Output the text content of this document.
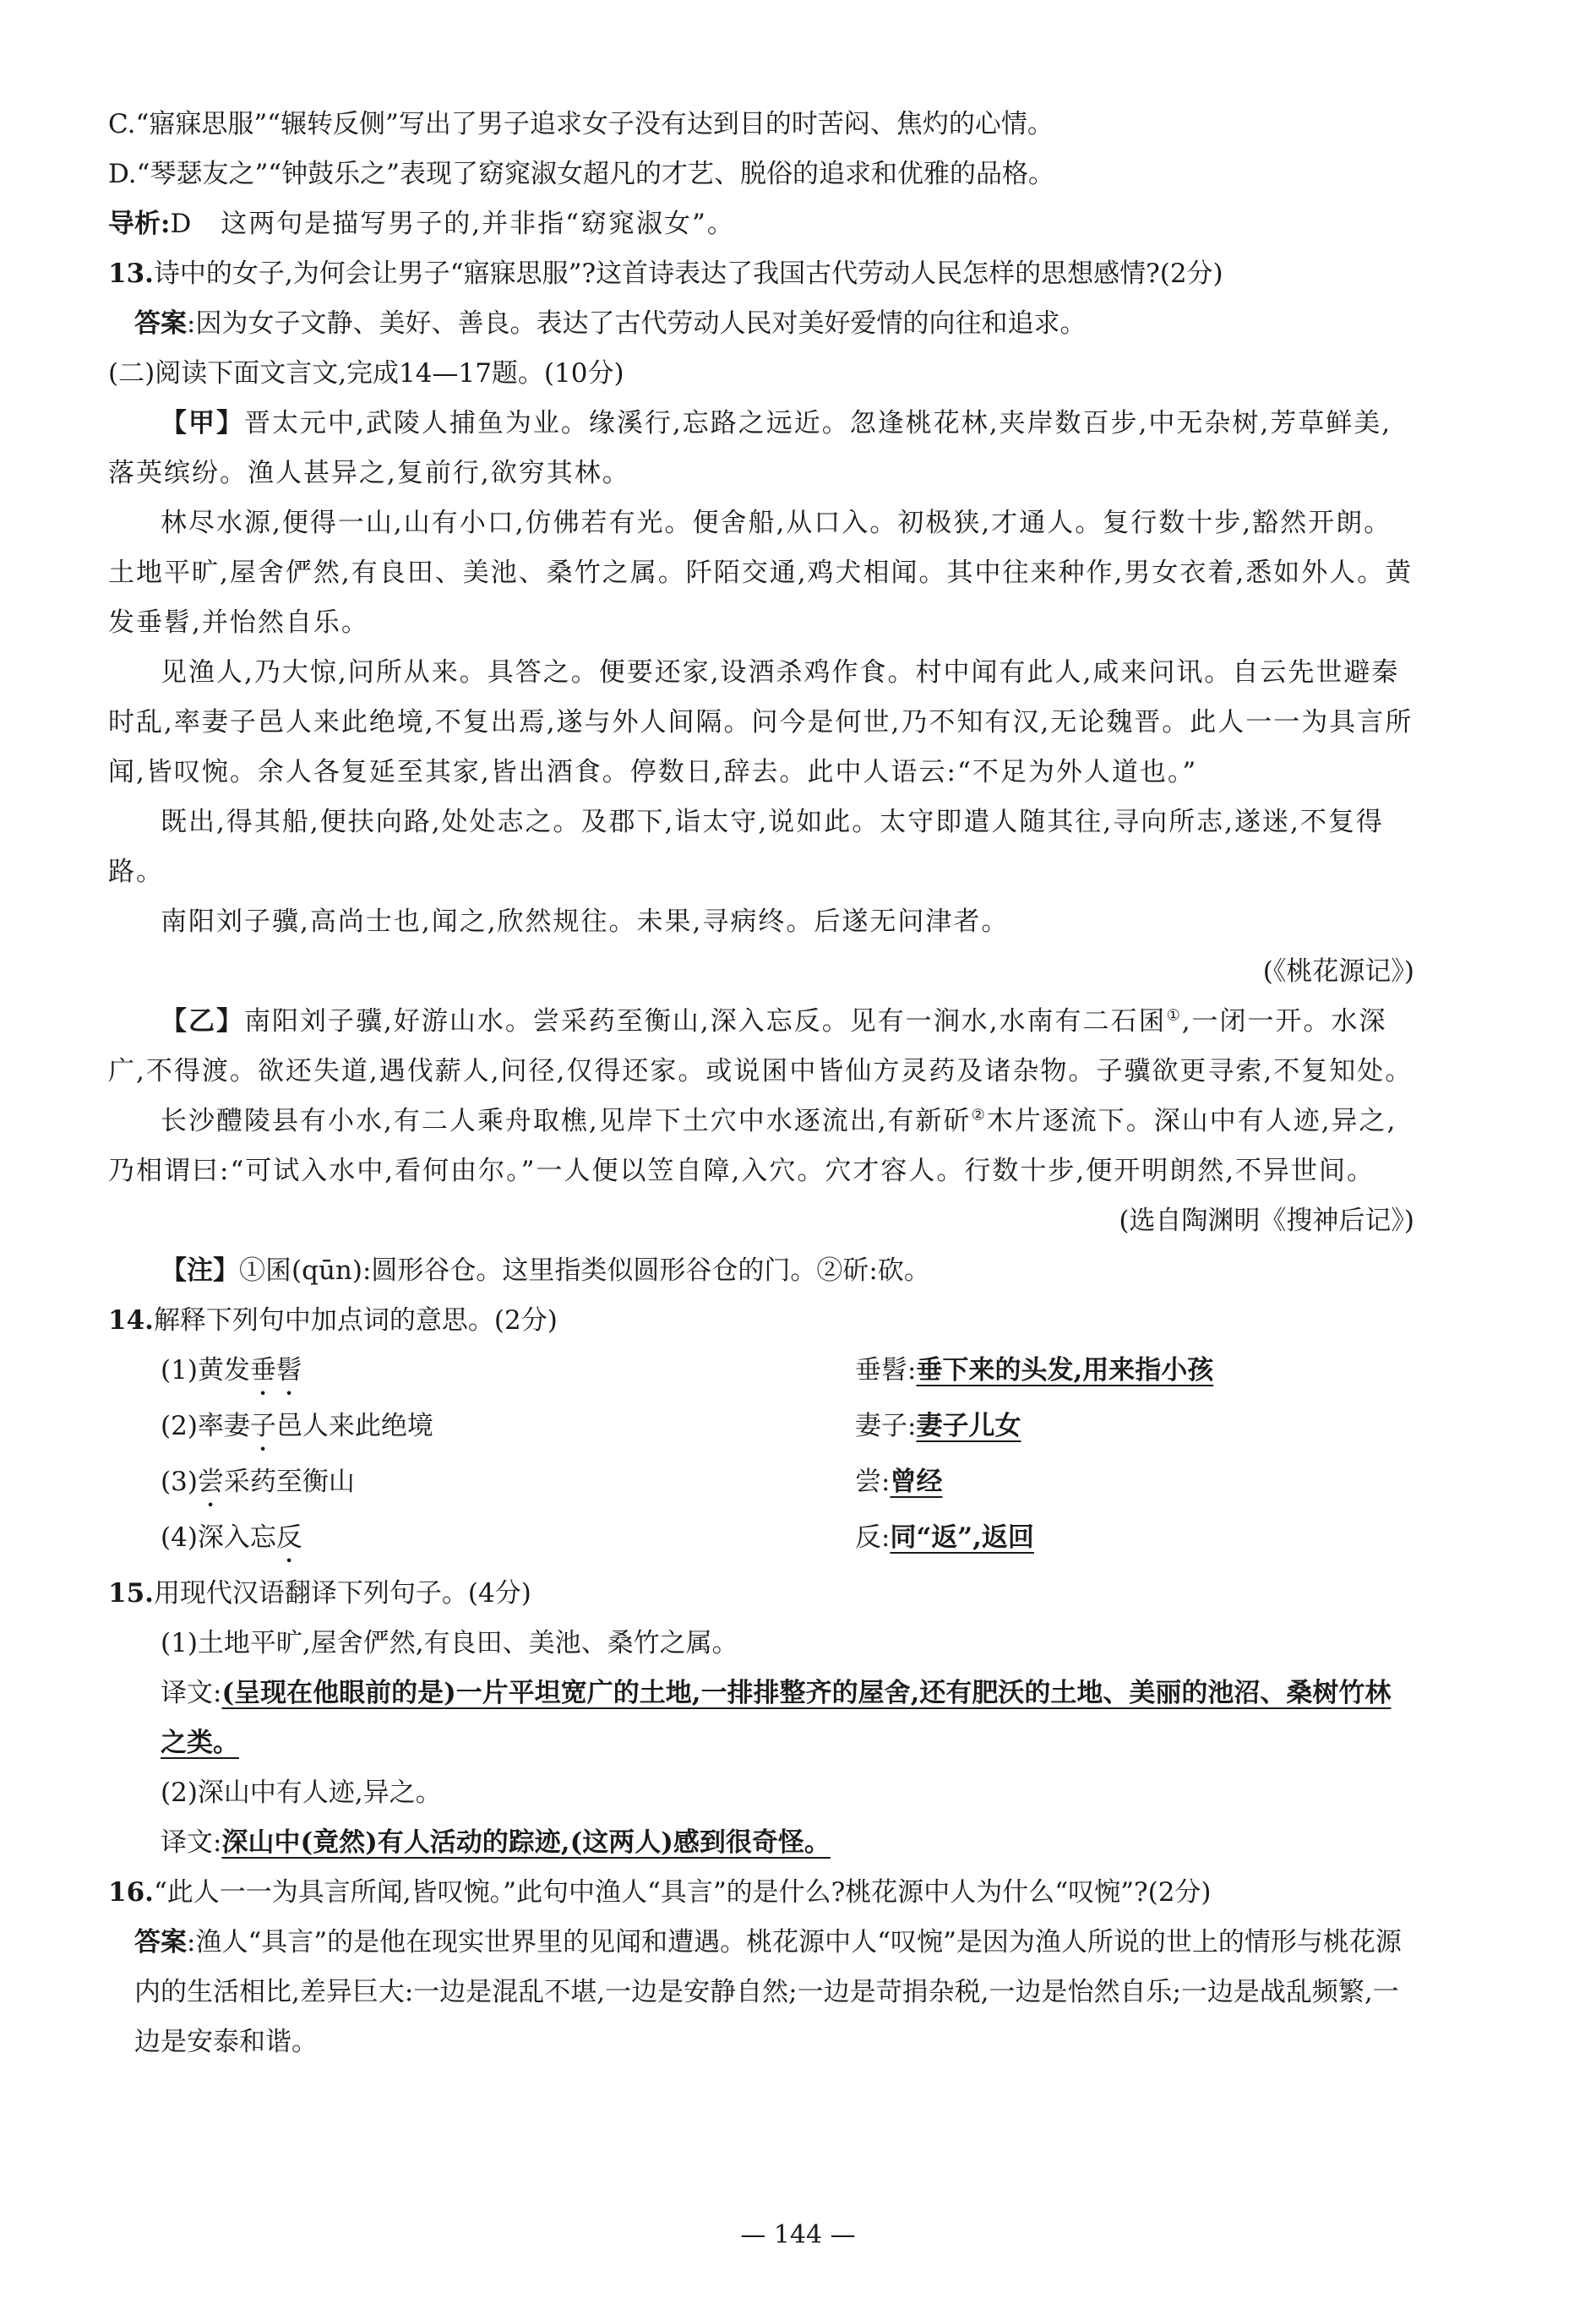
C.“寤寐思服”“辗转反侧”写出了男子追求女子没有达到目的时苦闷、焦灼的心情。

D.“琴瑟友之”“钟鼓乐之”表现了窈窕淑女超凡的才艺、脱俗的追求和优雅的品格。

导析:D　这两句是描写男子的,并非指“窈窕淑女”。

13.诗中的女子,为何会让男子“寤寐思服”?这首诗表达了我国古代劳动人民怎样的思想感情?(2分)

答案:因为女子文静、美好、善良。表达了古代劳动人民对美好爱情的向往和追求。

(二)阅读下面文言文,完成14—17题。(10分)

【甲】晋太元中,武陵人捕鱼为业。缘溪行,忘路之远近。忽逢桃花林,夹岸数百步,中无杂树,芳草鲜美,落英缤纷。渔人甚异之,复前行,欲穷其林。

林尽水源,便得一山,山有小口,仿佛若有光。便舍船,从口入。初极狭,才通人。复行数十步,豁然开朗。土地平旷,屋舍俨然,有良田、美池、桑竹之属。阡陌交通,鸡犬相闻。其中往来种作,男女衣着,悉如外人。黄发垂髫,并怡然自乐。

见渔人,乃大惊,问所从来。具答之。便要还家,设酒杀鸡作食。村中闻有此人,咸来问讯。自云先世避秦时乱,率妻子邑人来此绝境,不复出焉,遂与外人间隔。问今是何世,乃不知有汉,无论魏晋。此人一一为具言所闻,皆叹惋。余人各复延至其家,皆出酒食。停数日,辞去。此中人语云:“不足为外人道也。”

既出,得其船,便扶向路,处处志之。及郡下,诣太守,说如此。太守即遣人随其往,寻向所志,遂迷,不复得路。

南阳刘子骥,高尚士也,闻之,欣然规往。未果,寻病终。后遂无问津者。

(《桃花源记》)

【乙】南阳刘子骥,好游山水。尝采药至衡山,深入忘反。见有一涧水,水南有二石囷①,一闭一开。水深广,不得渡。欲还失道,遇伐薪人,问径,仅得还家。或说囷中皆仙方灵药及诸杂物。子骥欲更寻索,不复知处。

长沙醴陵县有小水,有二人乘舟取樵,见岸下土穴中水逐流出,有新斫②木片逐流下。深山中有人迹,异之,乃相谓曰:“可试入水中,看何由尔。”一人便以笠自障,入穴。穴才容人。行数十步,便开明朗然,不异世间。

(选自陶渊明《搜神后记》)

【注】①囷(qūn):圆形谷仓。这里指类似圆形谷仓的门。②斫:砍。

14.解释下列句中加点词的意思。(2分)

(1)黄发垂髫	垂髫:垂下来的头发,用来指小孩
(2)率妻子邑人来此绝境	妻子:妻子儿女
(3)尝采药至衡山	尝:曾经
(4)深入忘反	反:同“返”,返回

15.用现代汉语翻译下列句子。(4分)

(1)土地平旷,屋舍俨然,有良田、美池、桑竹之属。

译文:(呈现在他眼前的是)一片平坦宽广的土地,一排排整齐的屋舍,还有肥沃的土地、美丽的池沼、桑树竹林之类。

(2)深山中有人迹,异之。

译文:深山中(竟然)有人活动的踪迹,(这两人)感到很奇怪。

16.“此人一一为具言所闻,皆叹惋。”此句中渔人“具言”的是什么?桃花源中人为什么“叹惋”?(2分)

答案:渔人“具言”的是他在现实世界里的见闻和遭遇。桃花源中人“叹惋”是因为渔人所说的世上的情形与桃花源内的生活相比,差异巨大:一边是混乱不堪,一边是安静自然;一边是苛捐杂税,一边是怡然自乐;一边是战乱频繁,一边是安泰和谐。

— 144 —
